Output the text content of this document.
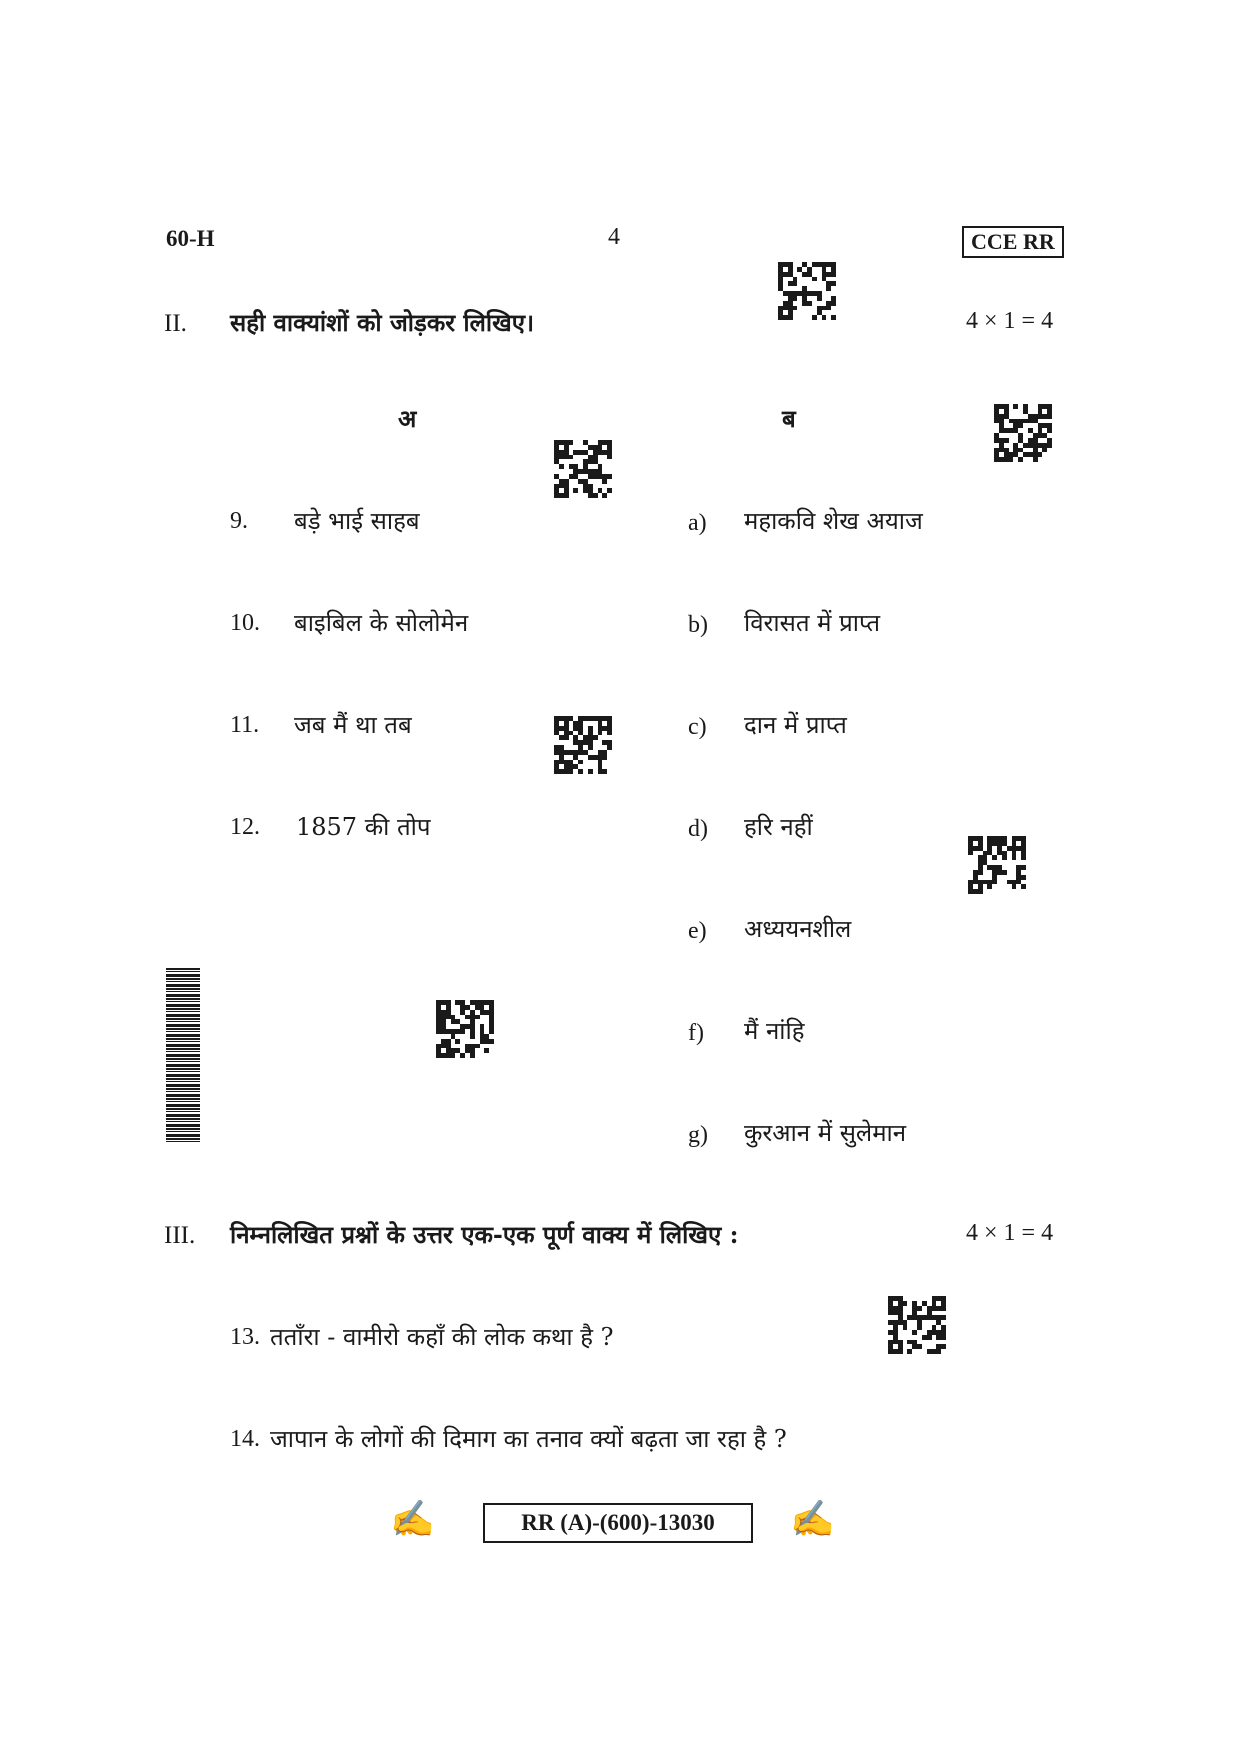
60-H	4	CCE RR
II. सही वाक्यांशों को जोड़कर लिखिए।	4 × 1 = 4
अ	ब
9. बड़े भाई साहब
10. बाइबिल के सोलोमेन
11. जब मैं था तब
12. 1857 की तोप
a) महाकवि शेख अयाज
b) विरासत में प्राप्त
c) दान में प्राप्त
d) हरि नहीं
e) अध्ययनशील
f) मैं नांहि
g) कुरआन में सुलेमान
III. निम्नलिखित प्रश्नों के उत्तर एक-एक पूर्ण वाक्य में लिखिए :	4 × 1 = 4
13. तताँरा - वामीरो कहाँ की लोक कथा है ?
14. जापान के लोगों की दिमाग का तनाव क्यों बढ़ता जा रहा है ?
✍	RR (A)-(600)-13030	✍
